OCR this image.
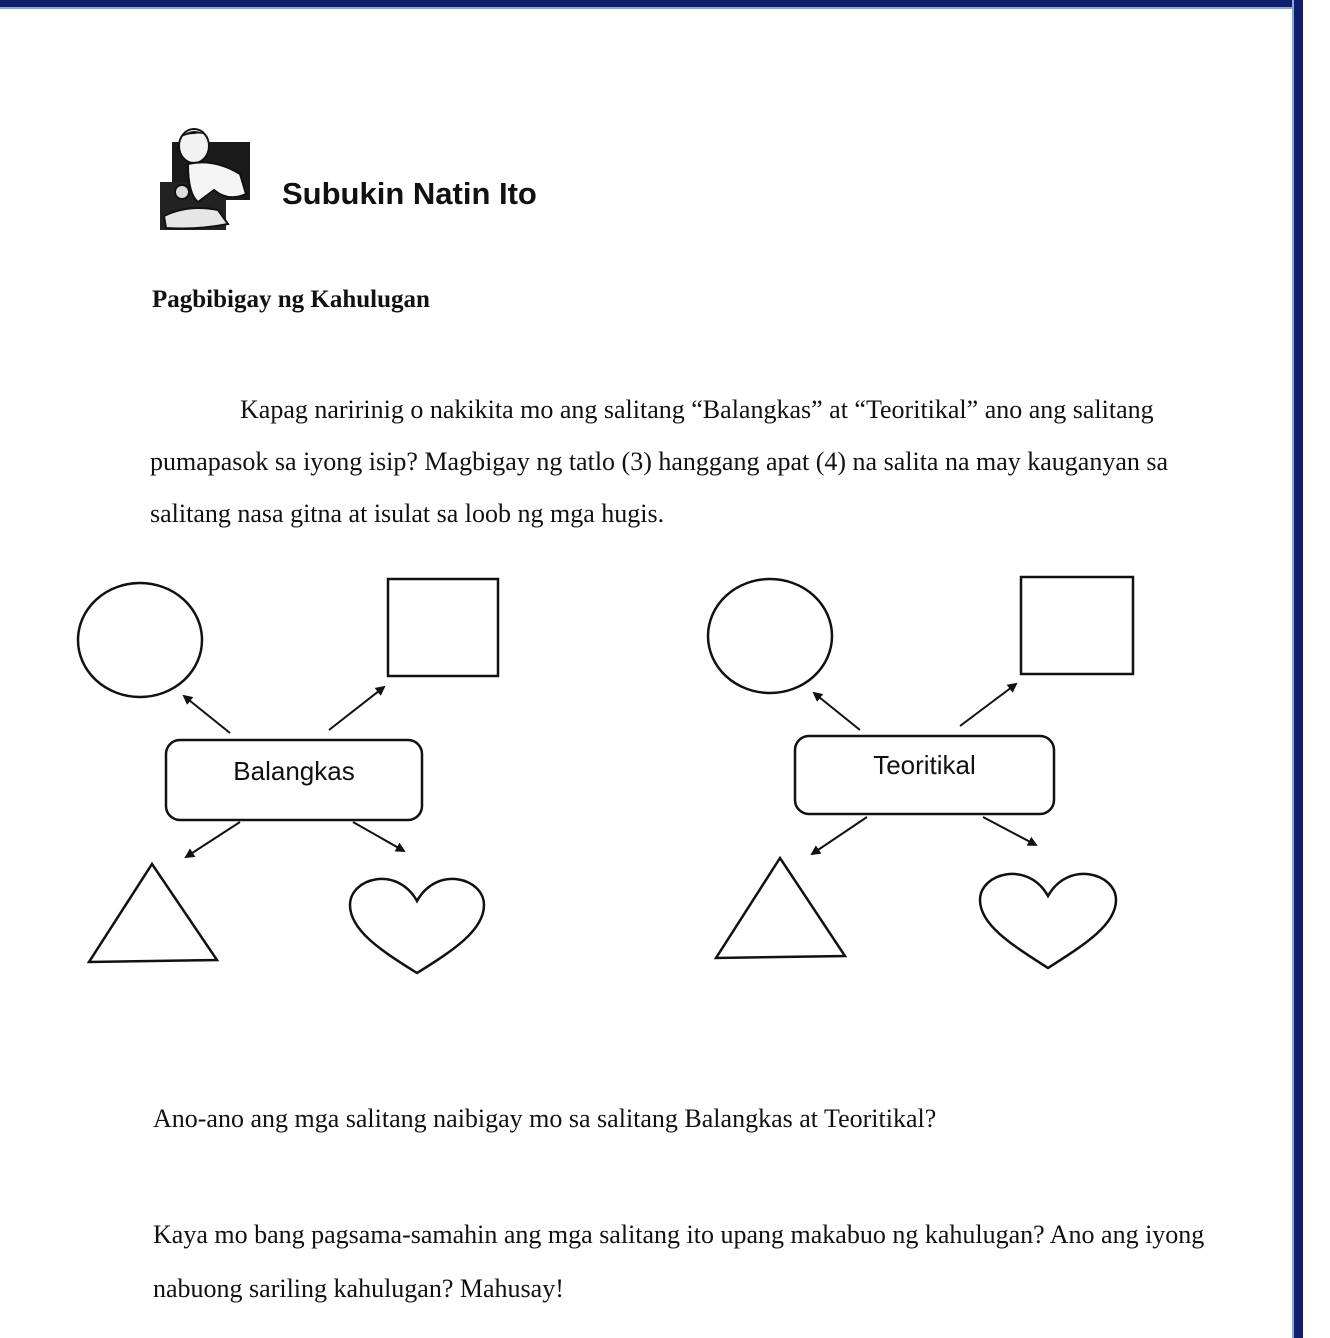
Subukin Natin Ito
Pagbibigay ng Kahulugan
Kapag naririnig o nakikita mo ang salitang “Balangkas” at “Teoritikal” ano ang salitang pumapasok sa iyong isip? Magbigay ng tatlo (3) hanggang apat (4) na salita na may kauganyan sa salitang nasa gitna at isulat sa loob ng mga hugis.
Balangkas	Teoritikal
Ano-ano ang mga salitang naibigay mo sa salitang Balangkas at Teoritikal?
Kaya mo bang pagsama-samahin ang mga salitang ito upang makabuo ng kahulugan? Ano ang iyong nabuong sariling kahulugan? Mahusay!
